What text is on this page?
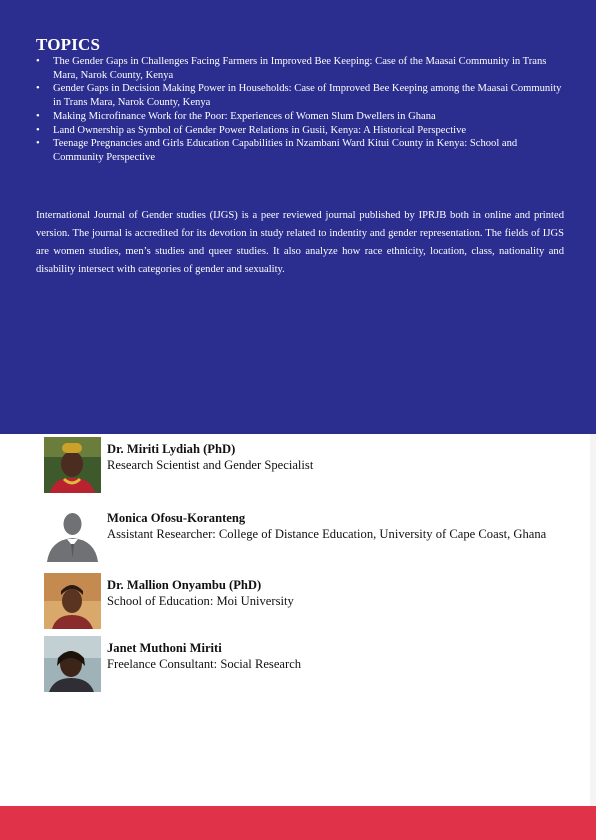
TOPICS
• The Gender Gaps in Challenges Facing Farmers in Improved Bee Keeping: Case of the Maasai Community in Trans Mara, Narok County, Kenya
• Gender Gaps in Decision Making Power in Households: Case of Improved Bee Keeping among the Maasai Community in Trans Mara, Narok County, Kenya
• Making Microfinance Work for the Poor: Experiences of Women Slum Dwellers in Ghana
• Land Ownership as Symbol of Gender Power Relations in Gusii, Kenya: A Historical Perspective
• Teenage Pregnancies and Girls Education Capabilities in Nzambani Ward Kitui County in Kenya: School and Community Perspective

International Journal of Gender studies (IJGS) is a peer reviewed journal published by IPRJB both in online and printed version. The journal is accredited for its devotion in study related to indentity and gender representation. The fields of IJGS are women studies, men’s studies and queer studies. It also analyze how race ethnicity, location, class, nationality and disability intersect with categories of gender and sexuality.

Dr. Miriti Lydiah (PhD)
Research Scientist and Gender Specialist
Monica Ofosu-Koranteng
Assistant Researcher: College of Distance Education, University of Cape Coast, Ghana
Dr. Mallion Onyambu (PhD)
School of Education: Moi University
Janet Muthoni Miriti
Freelance Consultant: Social Research
